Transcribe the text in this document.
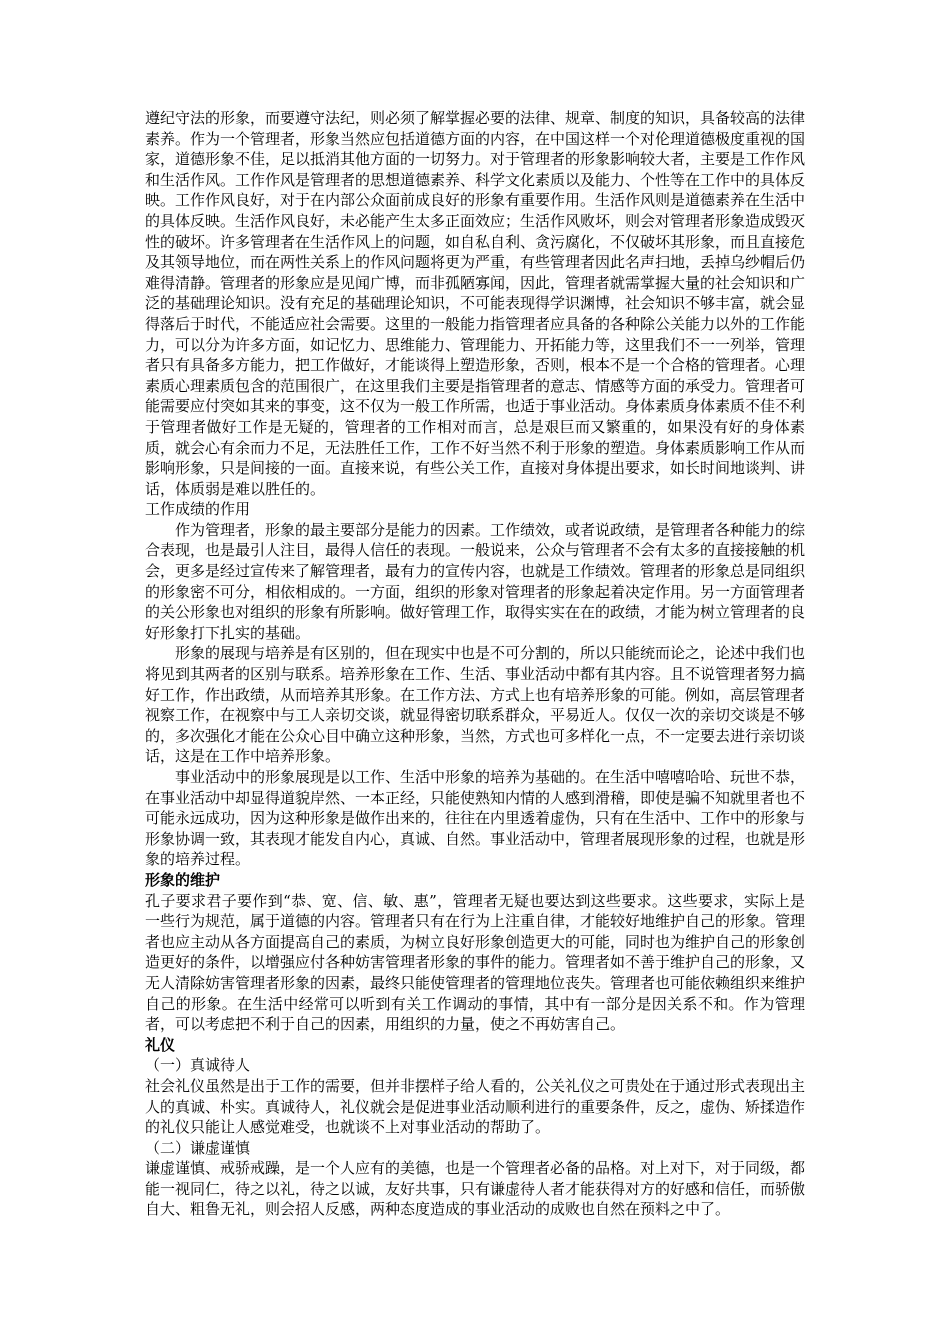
遵纪守法的形象，而要遵守法纪，则必须了解掌握必要的法律、规章、制度的知识，具备较高的法律素养。作为一个管理者，形象当然应包括道德方面的内容，在中国这样一个对伦理道德极度重视的国家，道德形象不佳，足以抵消其他方面的一切努力。对于管理者的形象影响较大者，主要是工作作风和生活作风。工作作风是管理者的思想道德素养、科学文化素质以及能力、个性等在工作中的具体反映。工作作风良好，对于在内部公众面前成良好的形象有重要作用。生活作风则是道德素养在生活中的具体反映。生活作风良好，未必能产生太多正面效应；生活作风败坏，则会对管理者形象造成毁灭性的破坏。许多管理者在生活作风上的问题，如自私自利、贪污腐化，不仅破坏其形象，而且直接危及其领导地位，而在两性关系上的作风问题将更为严重，有些管理者因此名声扫地，丢掉乌纱帽后仍难得清静。管理者的形象应是见闻广博，而非孤陋寡闻，因此，管理者就需掌握大量的社会知识和广泛的基础理论知识。没有充足的基础理论知识，不可能表现得学识渊博，社会知识不够丰富，就会显得落后于时代，不能适应社会需要。这里的一般能力指管理者应具备的各种除公关能力以外的工作能力，可以分为许多方面，如记忆力、思维能力、管理能力、开拓能力等，这里我们不一一列举，管理者只有具备多方能力，把工作做好，才能谈得上塑造形象，否则，根本不是一个合格的管理者。心理素质心理素质包含的范围很广，在这里我们主要是指管理者的意志、情感等方面的承受力。管理者可能需要应付突如其来的事变，这不仅为一般工作所需，也适于事业活动。身体素质身体素质不佳不利于管理者做好工作是无疑的，管理者的工作相对而言，总是艰巨而又繁重的，如果没有好的身体素质，就会心有余而力不足，无法胜任工作，工作不好当然不利于形象的塑造。身体素质影响工作从而影响形象，只是间接的一面。直接来说，有些公关工作，直接对身体提出要求，如长时间地谈判、讲话，体质弱是难以胜任的。

工作成绩的作用

作为管理者，形象的最主要部分是能力的因素。工作绩效，或者说政绩，是管理者各种能力的综合表现，也是最引人注目，最得人信任的表现。一般说来，公众与管理者不会有太多的直接接触的机会，更多是经过宣传来了解管理者，最有力的宣传内容，也就是工作绩效。管理者的形象总是同组织的形象密不可分，相依相成的。一方面，组织的形象对管理者的形象起着决定作用。另一方面管理者的关公形象也对组织的形象有所影响。做好管理工作，取得实实在在的政绩，才能为树立管理者的良好形象打下扎实的基础。

形象的展现与培养是有区别的，但在现实中也是不可分割的，所以只能统而论之，论述中我们也将见到其两者的区别与联系。培养形象在工作、生活、事业活动中都有其内容。且不说管理者努力搞好工作，作出政绩，从而培养其形象。在工作方法、方式上也有培养形象的可能。例如，高层管理者视察工作，在视察中与工人亲切交谈，就显得密切联系群众，平易近人。仅仅一次的亲切交谈是不够的，多次强化才能在公众心目中确立这种形象，当然，方式也可多样化一点，不一定要去进行亲切谈话，这是在工作中培养形象。

事业活动中的形象展现是以工作、生活中形象的培养为基础的。在生活中嘻嘻哈哈、玩世不恭，在事业活动中却显得道貌岸然、一本正经，只能使熟知内情的人感到滑稽，即使是骗不知就里者也不可能永远成功，因为这种形象是做作出来的，往往在内里透着虚伪，只有在生活中、工作中的形象与形象协调一致，其表现才能发自内心，真诚、自然。事业活动中，管理者展现形象的过程，也就是形象的培养过程。

形象的维护

孔子要求君子要作到“恭、宽、信、敏、惠”，管理者无疑也要达到这些要求。这些要求，实际上是一些行为规范，属于道德的内容。管理者只有在行为上注重自律，才能较好地维护自己的形象。管理者也应主动从各方面提高自己的素质，为树立良好形象创造更大的可能，同时也为维护自己的形象创造更好的条件，以增强应付各种妨害管理者形象的事件的能力。管理者如不善于维护自己的形象，又无人清除妨害管理者形象的因素，最终只能使管理者的管理地位丧失。管理者也可能依赖组织来维护自己的形象。在生活中经常可以听到有关工作调动的事情，其中有一部分是因关系不和。作为管理者，可以考虑把不利于自己的因素，用组织的力量，使之不再妨害自己。

礼仪

（一）真诚待人

社会礼仪虽然是出于工作的需要，但并非摆样子给人看的，公关礼仪之可贵处在于通过形式表现出主人的真诚、朴实。真诚待人，礼仪就会是促进事业活动顺利进行的重要条件，反之，虚伪、矫揉造作的礼仪只能让人感觉难受，也就谈不上对事业活动的帮助了。

（二）谦虚谨慎

谦虚谨慎、戒骄戒躁，是一个人应有的美德，也是一个管理者必备的品格。对上对下，对于同级，都能一视同仁，待之以礼，待之以诚，友好共事，只有谦虚待人者才能获得对方的好感和信任，而骄傲自大、粗鲁无礼，则会招人反感，两种态度造成的事业活动的成败也自然在预料之中了。
